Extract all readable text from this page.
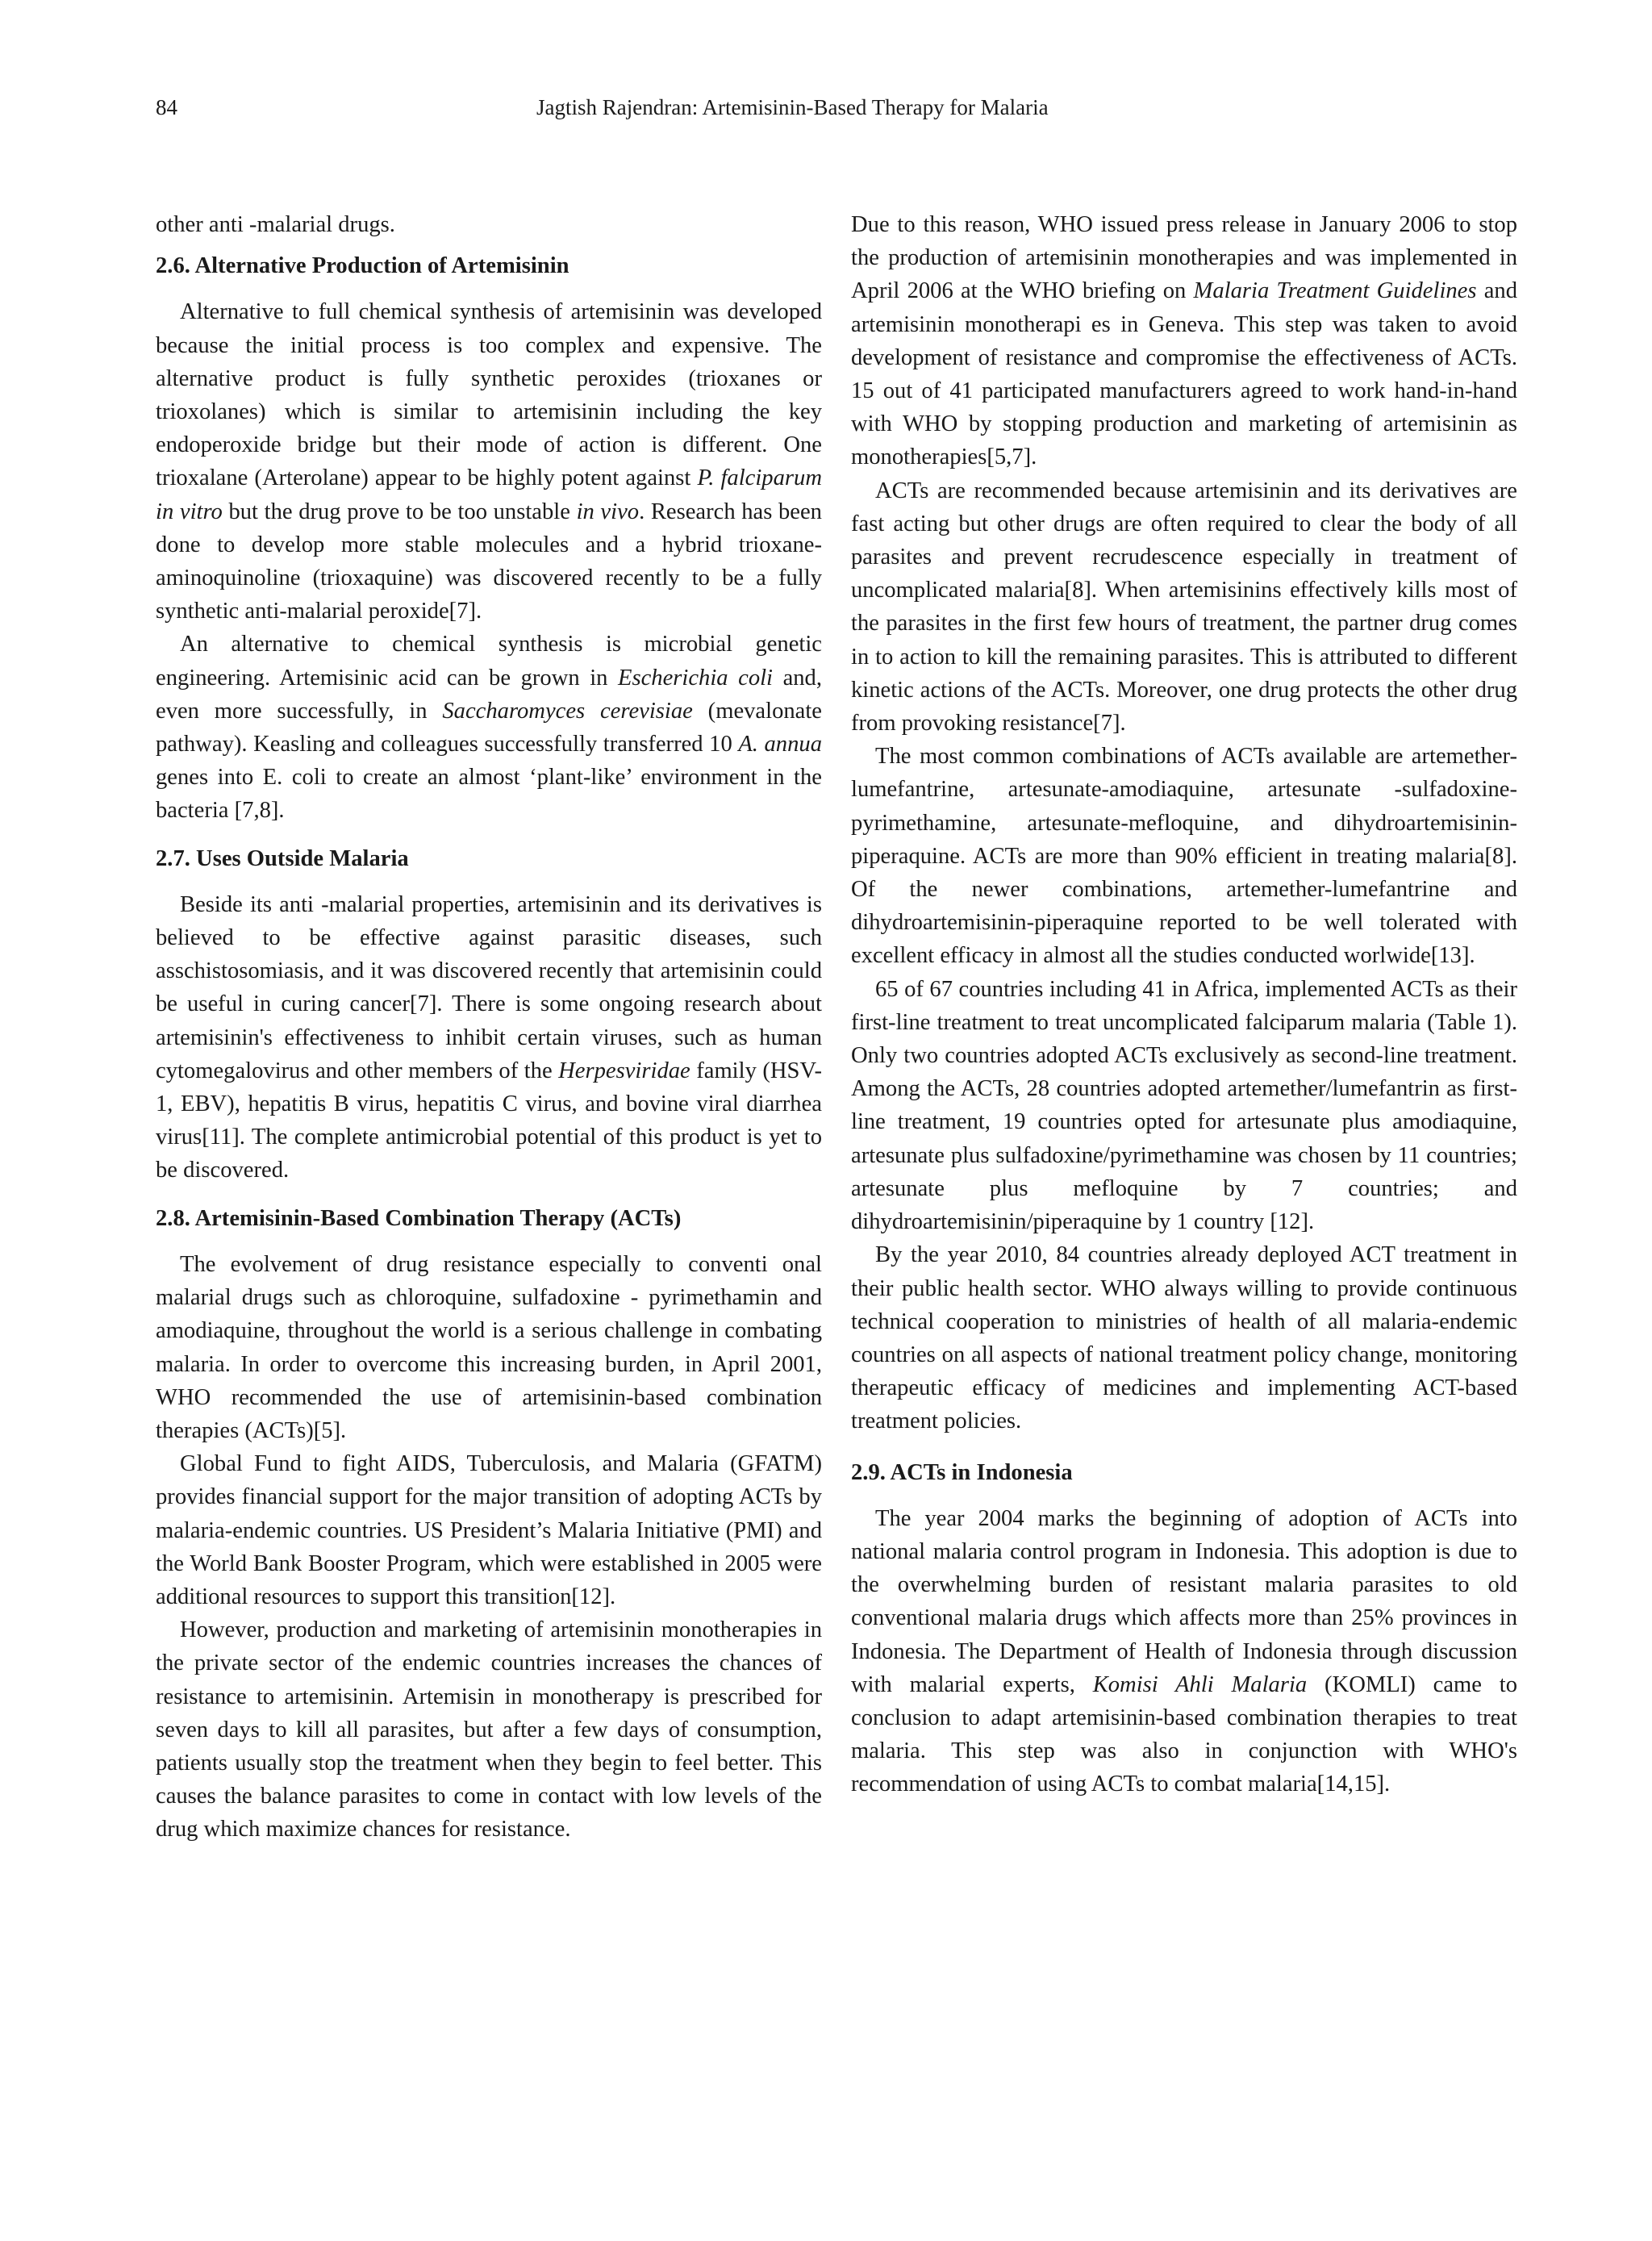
84	Jagtish Rajendran: Artemisinin-Based Therapy for Malaria

other anti -malarial drugs.

2.6. Alternative Production of Artemisinin

Alternative to full chemical synthesis of artemisinin was developed because the initial process is too complex and expensive. The alternative product is fully synthetic peroxides (trioxanes or trioxolanes) which is similar to artemisinin including the key endoperoxide bridge but their mode of action is different. One trioxalane (Arterolane) appear to be highly potent against P. falciparum in vitro but the drug prove to be too unstable in vivo. Research has been done to develop more stable molecules and a hybrid trioxane-aminoquinoline (trioxaquine) was discovered recently to be a fully synthetic anti-malarial peroxide[7].

An alternative to chemical synthesis is microbial genetic engineering. Artemisinic acid can be grown in Escherichia coli and, even more successfully, in Saccharomyces cerevisiae (mevalonate pathway). Keasling and colleagues successfully transferred 10 A. annua genes into E. coli to create an almost ‘plant-like’ environment in the bacteria [7,8].

2.7. Uses Outside Malaria

Beside its anti -malarial properties, artemisinin and its derivatives is believed to be effective against parasitic diseases, such asschistosomiasis, and it was discovered recently that artemisinin could be useful in curing cancer[7]. There is some ongoing research about artemisinin's effectiveness to inhibit certain viruses, such as human cytomegalovirus and other members of the Herpesviridae family (HSV-1, EBV), hepatitis B virus, hepatitis C virus, and bovine viral diarrhea virus[11]. The complete antimicrobial potential of this product is yet to be discovered.

2.8. Artemisinin-Based Combination Therapy (ACTs)

The evolvement of drug resistance especially to conventi onal malarial drugs such as chloroquine, sulfadoxine - pyrimethamin and amodiaquine, throughout the world is a serious challenge in combating malaria. In order to overcome this increasing burden, in April 2001, WHO recommended the use of artemisinin-based combination therapies (ACTs)[5].

Global Fund to fight AIDS, Tuberculosis, and Malaria (GFATM) provides financial support for the major transition of adopting ACTs by malaria-endemic countries. US President’s Malaria Initiative (PMI) and the World Bank Booster Program, which were established in 2005 were additional resources to support this transition[12].

However, production and marketing of artemisinin monotherapies in the private sector of the endemic countries increases the chances of resistance to artemisinin. Artemisin in monotherapy is prescribed for seven days to kill all parasites, but after a few days of consumption, patients usually stop the treatment when they begin to feel better. This causes the balance parasites to come in contact with low levels of the drug which maximize chances for resistance.

Due to this reason, WHO issued press release in January 2006 to stop the production of artemisinin monotherapies and was implemented in April 2006 at the WHO briefing on Malaria Treatment Guidelines and artemisinin monotherapi es in Geneva. This step was taken to avoid development of resistance and compromise the effectiveness of ACTs. 15 out of 41 participated manufacturers agreed to work hand-in-hand with WHO by stopping production and marketing of artemisinin as monotherapies[5,7].

ACTs are recommended because artemisinin and its derivatives are fast acting but other drugs are often required to clear the body of all parasites and prevent recrudescence especially in treatment of uncomplicated malaria[8]. When artemisinins effectively kills most of the parasites in the first few hours of treatment, the partner drug comes in to action to kill the remaining parasites. This is attributed to different kinetic actions of the ACTs. Moreover, one drug protects the other drug from provoking resistance[7].

The most common combinations of ACTs available are artemether-lumefantrine, artesunate-amodiaquine, artesunate -sulfadoxine-pyrimethamine, artesunate-mefloquine, and dihydroartemisinin-piperaquine. ACTs are more than 90% efficient in treating malaria[8]. Of the newer combinations, artemether-lumefantrine and dihydroartemisinin-piperaquine reported to be well tolerated with excellent efficacy in almost all the studies conducted worlwide[13].

65 of 67 countries including 41 in Africa, implemented ACTs as their first-line treatment to treat uncomplicated falciparum malaria (Table 1). Only two countries adopted ACTs exclusively as second-line treatment. Among the ACTs, 28 countries adopted artemether/lumefantrin as first-line treatment, 19 countries opted for artesunate plus amodiaquine, artesunate plus sulfadoxine/pyrimethamine was chosen by 11 countries; artesunate plus mefloquine by 7 countries; and dihydroartemisinin/piperaquine by 1 country [12].

By the year 2010, 84 countries already deployed ACT treatment in their public health sector. WHO always willing to provide continuous technical cooperation to ministries of health of all malaria-endemic countries on all aspects of national treatment policy change, monitoring therapeutic efficacy of medicines and implementing ACT-based treatment policies.

2.9. ACTs in Indonesia

The year 2004 marks the beginning of adoption of ACTs into national malaria control program in Indonesia. This adoption is due to the overwhelming burden of resistant malaria parasites to old conventional malaria drugs which affects more than 25% provinces in Indonesia. The Department of Health of Indonesia through discussion with malarial experts, Komisi Ahli Malaria (KOMLI) came to conclusion to adapt artemisinin-based combination therapies to treat malaria. This step was also in conjunction with WHO's recommendation of using ACTs to combat malaria[14,15].
